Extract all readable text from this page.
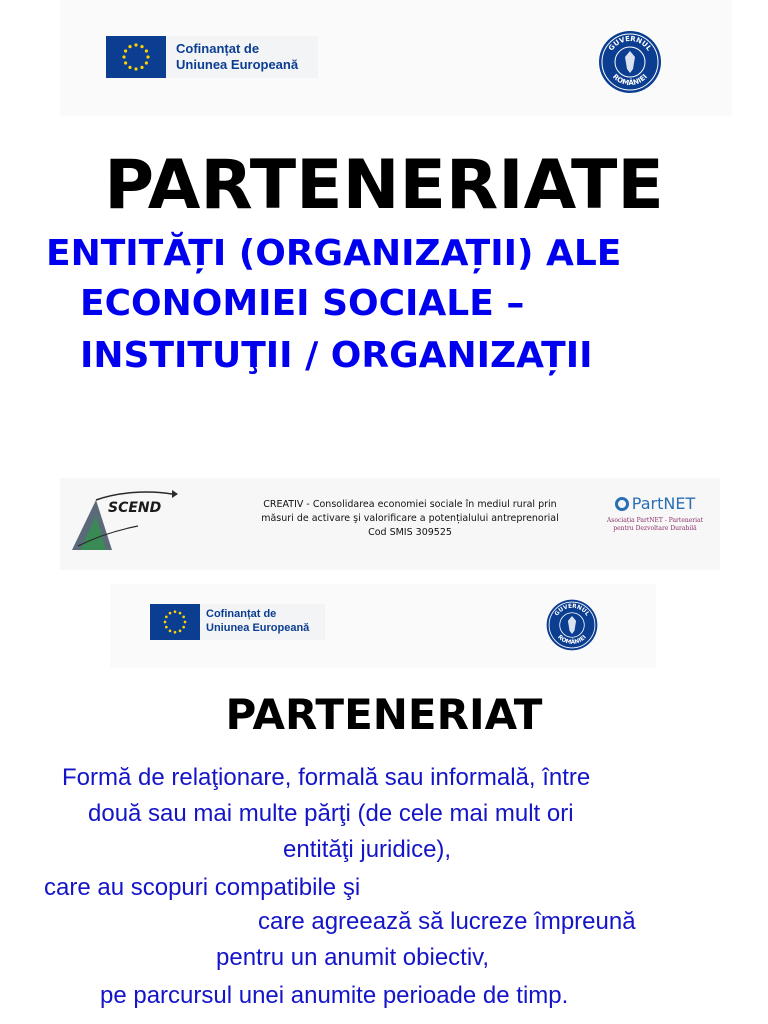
Cofinanțat de
Uniunea Europeană
GUVERNUL
ROMÂNIEI
PARTENERIATE
ENTITĂȚI (ORGANIZAȚII) ALE
ECONOMIEI SOCIALE –
INSTITUŢII / ORGANIZAȚII
SCEND	CREATIV - Consolidarea economiei sociale în mediul rural prin
măsuri de activare şi valorificare a potențialului antreprenorial
Cod SMIS 309525
PartNET
Asociația PartNET - Parteneriat
pentru Dezvoltare Durabilă
Cofinanțat de
Uniunea Europeană
GUVERNUL
ROMÂNIEI
PARTENERIAT
Formă de relaţionare, formală sau informală, între
două sau mai multe părţi (de cele mai mult ori
entităţi juridice),
care au scopuri compatibile şi
care agreează să lucreze împreună
pentru un anumit obiectiv,
pe parcursul unei anumite perioade de timp.
